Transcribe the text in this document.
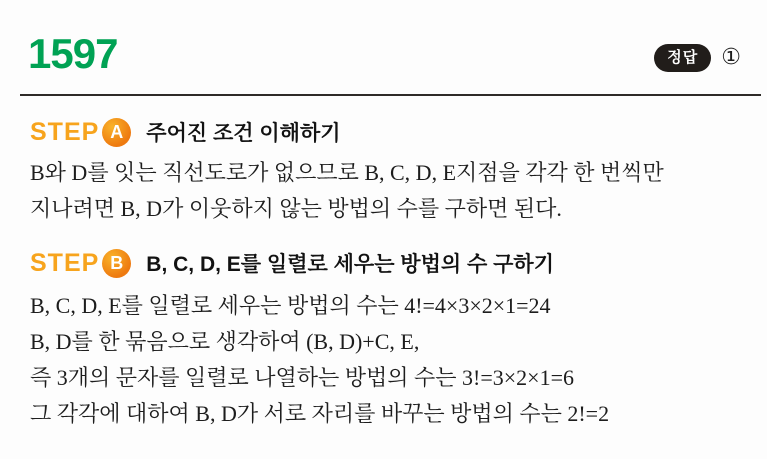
1597	정답	①
STEP A	주어진 조건 이해하기
B와 D를 잇는 직선도로가 없으므로 B, C, D, E지점을 각각 한 번씩만
지나려면 B, D가 이웃하지 않는 방법의 수를 구하면 된다.
STEP B	B, C, D, E를 일렬로 세우는 방법의 수 구하기
B, C, D, E를 일렬로 세우는 방법의 수는 4!=4×3×2×1=24
B, D를 한 묶음으로 생각하여 (B, D)+C, E,
즉 3개의 문자를 일렬로 나열하는 방법의 수는 3!=3×2×1=6
그 각각에 대하여 B, D가 서로 자리를 바꾸는 방법의 수는 2!=2
